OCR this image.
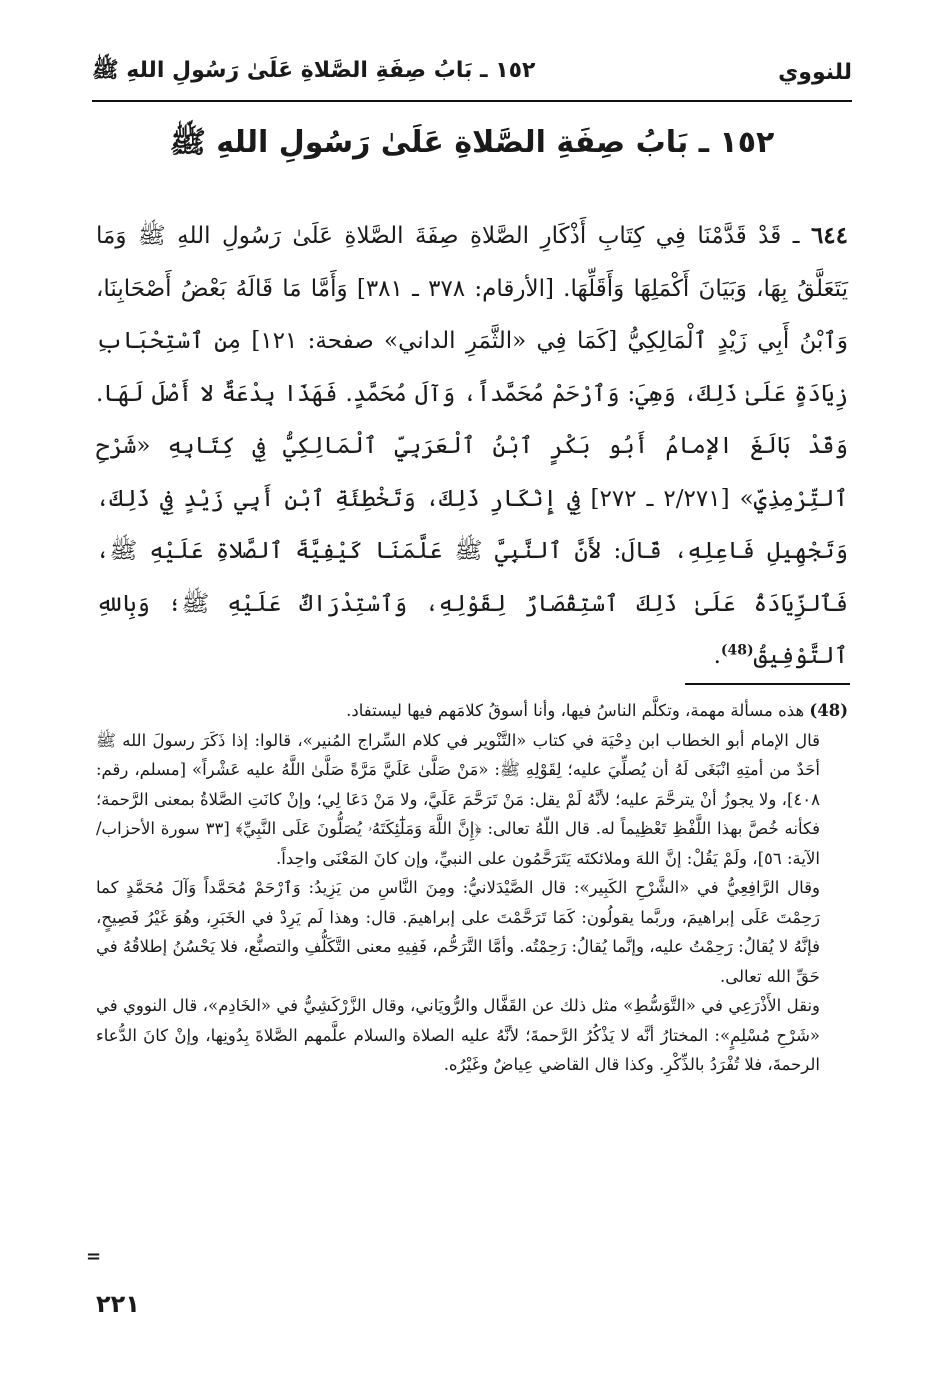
للنووي
١٥٢ ـ بَابُ صِفَةِ الصَّلاةِ عَلَىٰ رَسُولِ اللهِ ﷺ
١٥٢ ـ بَابُ صِفَةِ الصَّلاةِ عَلَىٰ رَسُولِ اللهِ ﷺ
٦٤٤ ـ قَدْ قَدَّمْنَا فِي كِتَابِ أَذْكَارِ الصَّلاةِ صِفَةَ الصَّلاةِ عَلَىٰ رَسُولِ اللهِ ﷺ وَمَا يَتَعَلَّقُ بِهَا، وَبَيَانَ أَكْمَلِهَا وَأَقَلِّهَا. [الأرقام: ٣٧٨ ـ ٣٨١] وَأَمَّا مَا قَالَهُ بَعْضُ أَصْحَابِنَا، وَٱبْنُ أَبِي زَيْدٍ ٱلْمَالِكِيُّ [كَمَا فِي «الثَّمَرِ الداني» صفحة: ١٢١] مِنِ ٱسْتِحْبَابِ زِيَادَةٍ عَلَىٰ ذَلِكَ، وَهِيَ: وَٱرْحَمْ مُحَمَّداً، وَآلَ مُحَمَّدٍ. فَهَذَا بِدْعَةٌ لا أَصْلَ لَهَا. وَقَدْ بَالَغَ الإمامُ أَبُو بَكْرٍ ٱبْنُ ٱلْعَرَبِيِّ ٱلْمَالِكِيُّ فِي كِتَابِهِ «شَرْحِ ٱلتِّرْمِذِيِّ» [٢/٢٧١ ـ ٢٧٢] فِي إِنْكَارِ ذَلِكَ، وَتَخْطِئَةِ ٱبْنِ أَبِي زَيْدٍ فِي ذَلِكَ، وَتَجْهِيلِ فَاعِلِهِ، قَالَ: لأَنَّ ٱلنَّبِيَّ ﷺ عَلَّمَنَا كَيْفِيَّةَ ٱلصَّلاةِ عَلَيْهِ ﷺ، فَٱلزِّيَادَةُ عَلَىٰ ذَلِكَ ٱسْتِقْصَارٌ لِقَوْلِهِ، وَٱسْتِدْرَاكٌ عَلَيْهِ ﷺ؛ وَبِاللهِ ٱلتَّوْفِيقُ$^{(48)}$.

(48) هذه مسألة مهمة، وتكلَّم الناسُ فيها، وأنا أسوقُ كلامَهم فيها ليستفاد.

قال الإمام أبو الخطاب ابن دِحْيَة في كتاب «التَّنْوير في كلام السِّراج المُنير»، قالوا: إذا ذَكَرَ رسولَ الله ﷺ أحَدٌ من أمتِهِ انْبَغَى لَهُ أن يُصلِّيَ عليه؛ لِقَوْلِهِ ﷺ: «مَنْ صَلَّىٰ عَلَيَّ مَرَّةً صَلَّىٰ اللَّهُ عليه عَشْراً» [مسلم، رقم: ٤٠٨]، ولا يجوزُ أنْ يترحَّمَ عليه؛ لأنَّهُ لَمْ يقل: مَنْ تَرَحَّمَ عَلَيَّ، ولا مَنْ دَعَا لِي؛ وإنْ كانَتِ الصَّلاةُ بمعنى الرَّحمة؛ فكأنه خُصَّ بهذا اللَّفْظِ تَعْظِيماً له. قال اللّهُ تعالى: ﴿إِنَّ اللَّهَ وَمَلَٰٓئِكَتَهُۥ يُصَلُّونَ عَلَى النَّبِيِّ﴾ [٣٣ سورة الأحزاب/ الآية: ٥٦]، ولَمْ يَقُلْ: إنَّ اللهَ وملائكتَه يَتَرَحَّمُون على النبيِّ، وإن كانَ المَعْنَى واحِداً.

وقال الرَّافِعِيُّ في «الشَّرْحِ الكَبِير»: قال الصَّيْدَلانيُّ: ومِنَ النَّاسِ من يَزِيدُ: وَٱرْحَمْ مُحَمَّداً وَآلَ مُحَمَّدٍ كما رَحِمْتَ عَلَى إبراهيمَ، وربَّما يقولُون: كَمَا تَرَحَّمْتَ على إبراهيمَ. قال: وهذا لَم يَرِدْ في الخَبَرِ، وهُوَ غَيْرُ فَصِيحٍ، فإنَّهُ لا يُقالُ: رَحِمْتُ عليه، وإنَّما يُقالُ: رَحِمْتُه. وأمَّا التَّرَحُّم، فَفِيهِ معنى التَّكَلُّفِ والتصنُّع، فلا يَحْسُنُ إطلاقُهُ في حَقِّ الله تعالى.

ونقل الأَذْرَعِي في «التَّوَسُّطِ» مثل ذلك عن القَفَّال والرُّويَاني، وقال الزَّرْكَشِيُّ في «الخَادِم»، قال النووي في «شَرْحِ مُسْلِمٍ»: المختارُ أنَّه لا يَذْكُرُ الرَّحمةَ؛ لأنَّهُ عليه الصلاة والسلام علَّمهم الصَّلاةَ بِدُونِها، وإنْ كانَ الدُّعاء الرحمةَ، فلا تُفْرَدُ بالذِّكْرِ. وكذا قال القاضي عِياضٌ وغَيْرُه.

=
٢٢١
